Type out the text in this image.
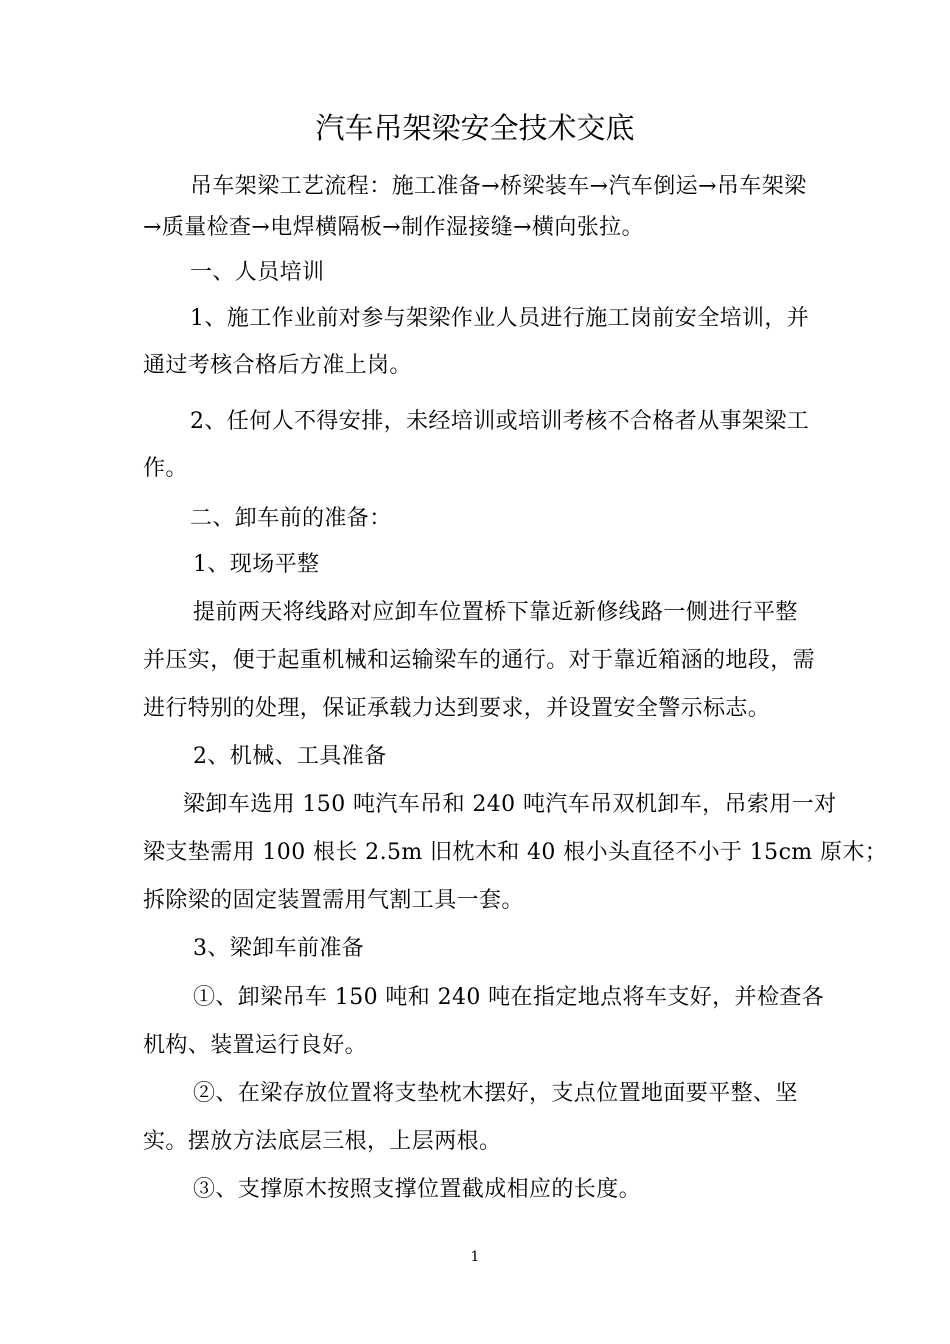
汽车吊架梁安全技术交底
吊车架梁工艺流程：施工准备→桥梁装车→汽车倒运→吊车架梁
→质量检查→电焊横隔板→制作湿接缝→横向张拉。
一、人员培训
1、施工作业前对参与架梁作业人员进行施工岗前安全培训，并
通过考核合格后方准上岗。
2、任何人不得安排，未经培训或培训考核不合格者从事架梁工
作。
二、卸车前的准备：
1、现场平整
提前两天将线路对应卸车位置桥下靠近新修线路一侧进行平整
并压实，便于起重机械和运输梁车的通行。对于靠近箱涵的地段，需
进行特别的处理，保证承载力达到要求，并设置安全警示标志。
2、机械、工具准备
梁卸车选用 150 吨汽车吊和 240 吨汽车吊双机卸车，吊索用一对
梁支垫需用 100 根长 2.5m 旧枕木和 40 根小头直径不小于 15cm 原木；
拆除梁的固定装置需用气割工具一套。
3、梁卸车前准备
①、卸梁吊车 150 吨和 240 吨在指定地点将车支好，并检查各
机构、装置运行良好。
②、在梁存放位置将支垫枕木摆好，支点位置地面要平整、坚
实。摆放方法底层三根，上层两根。
③、支撑原木按照支撑位置截成相应的长度。
1
